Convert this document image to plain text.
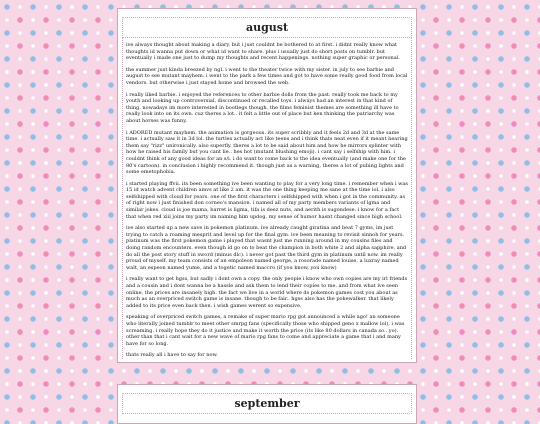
august

ive always thought about making a diary, but i just couldnt be bothered to at first. i didnt really know what thoughts id wanna put down or what id want to share. plus i usually just do short posts on tumblr. but eventually i made one just to dump my thoughts and recent happenings. nothing super graphic or personal.

the summer just kinda breezed by ngl. i went to the theater twice with my sister. in july to see barbie and august to see mutant mayhem. i went to the park a few times and got to have some really good food from local vendors. but otherwise i just stayed home and browsed the web.

i really liked barbie. i enjoyed the references to other barbie dolls from the past. really took me back to my youth and looking up controversial, discontinued or recalled toys. i always had an interest in that kind of thing. nowadays im more interested in bootlegs though. the films feminist themes are something ill have to really look into on its own. cuz theres a lot.. it felt a little out of place but ken thinking the patriarchy was about horses was funny.

i ADORED mutant mayhem. the animation is gorgeous. its super scribbly and it feels 2d and 3d at the same time. i actually saw it in 3d lol. the turtles actually act like teens and i think thats neat even if it meant hearing them say "rizz" unironically. also superfly. theres a lot to be said about him and how he mirrors splinter with how he raised his family but you cant lie.. hes hot (mutant blushing emoji). i cant say i selfship with him. i couldnt think of any good ideas for an s/i. i do want to come back to the idea eventually (and make one for the 80's cartoon). in conclusion i highly recommend it. though just as a warning, theres a lot of pubing lights and some emetophobia.

i started playing ffvii. its been something ive been wanting to play for a very long time. i remember when i was 15 id watch advent children amvs at like 2 am. it was the one thing keeping me sane at the time lol. i also selfshipped with cloud for years. one of the first characters i selfshipped with when i got in the community. as of right now i just finished don corneo's mansion. i named all of my party members variants of lgma and similar jokes. cloud is joe mama, barret is ligma, tifa is deez nuts, and aerith is sugondese. i know for a fact that when red xiii joins my party im naming him updog. my sense of humor hasnt changed since high school.

ive also started up a new save in pokemon platinum. ive already caught giratina and beat 7 gyms, im just trying to catch a roaming mesprit and level up for the final gym. ive been meaning to revisit sinnoh for years. platinum was the first pokemon game i played that wasnt just me running around in my cousins files and doing random encounters. even though id go on to beat the champion in both white 2 and alpha sapphire, and do all the post story stuff in sword (minus dlc). i never got past the third gym in platinum until now. im really proud of myself. my team consists of an empoleon named george, a rosorade named louise, a luxray named walt, an espeon named yume, and a togetic named maccro (if you know, you know)

i really want to get hgss, but sadly i dont own a copy. the only people i know who own copies are my irl friends and a cousin and i dont wanna be a hassle and ask them to lend their copies to me. and from what ive seen online, the prices are insanely high. the fact we live in a world where ds pokemon games cost you about as much as an overpriced switch game is insane. though to be fair.. hgss also has the pokewalker. that likely added to its price even back then. i wish games werent so expensive.

speaking of overpriced switch games, a remake of super mario rpg got announced a while ago! an someone who literally joined tumblr to meet other smrpg fans (specifically those who shipped geno x mallow lol), i was screaming. i really hope they do it justice and make it worth the price (its like 80 dollars in canada so.. yo). other than that i cant wait for a new wave of mario rpg fans to come and appreciate a game that i and many have for so long.

thats really all i have to say for now.

september
